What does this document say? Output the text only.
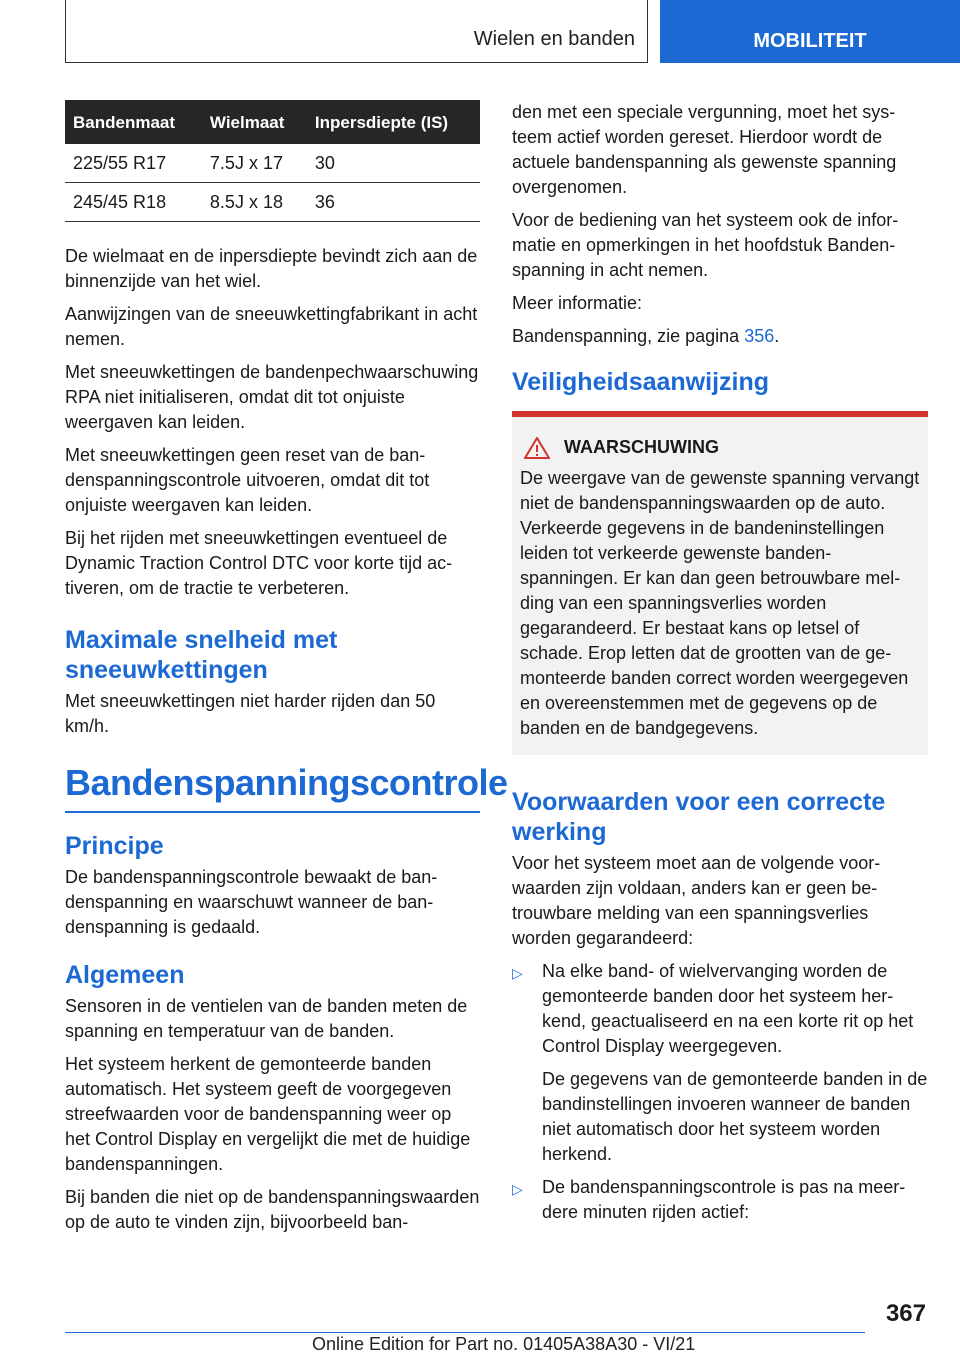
Wielen en banden	MOBILITEIT
Bandenmaat	Wielmaat	Inpersdiepte (IS)
225/55 R17	7.5J x 17	30
245/45 R18	8.5J x 18	36

De wielmaat en de inpersdiepte bevindt zich aan de binnenzijde van het wiel.

Aanwijzingen van de sneeuwkettingfabrikant in acht nemen.

Met sneeuwkettingen de bandenpechwaarschuwing RPA niet initialiseren, omdat dit tot onjuiste weergaven kan leiden.

Met sneeuwkettingen geen reset van de bandenspanningscontrole uitvoeren, omdat dit tot onjuiste weergaven kan leiden.

Bij het rijden met sneeuwkettingen eventueel de Dynamic Traction Control DTC voor korte tijd activeren, om de tractie te verbeteren.

Maximale snelheid met sneeuwkettingen

Met sneeuwkettingen niet harder rijden dan 50 km/h.

Bandenspanningscontrole
Principe

De bandenspanningscontrole bewaakt de bandenspanning en waarschuwt wanneer de bandenspanning is gedaald.

Algemeen

Sensoren in de ventielen van de banden meten de spanning en temperatuur van de banden.

Het systeem herkent de gemonteerde banden automatisch. Het systeem geeft de voorgegeven streefwaarden voor de bandenspanning weer op het Control Display en vergelijkt die met de huidige bandenspanningen.

Bij banden die niet op de bandenspanningswaarden op de auto te vinden zijn, bijvoorbeeld ban-

den met een speciale vergunning, moet het systeem actief worden gereset. Hierdoor wordt de actuele bandenspanning als gewenste spanning overgenomen.

Voor de bediening van het systeem ook de informatie en opmerkingen in het hoofdstuk Bandenspanning in acht nemen.

Meer informatie:

Bandenspanning, zie pagina 356.

Veiligheidsaanwijzing
WAARSCHUWING

De weergave van de gewenste spanning vervangt niet de bandenspanningswaarden op de auto. Verkeerde gegevens in de bandeninstellingen leiden tot verkeerde gewenste bandenspanningen. Er kan dan geen betrouwbare melding van een spanningsverlies worden gegarandeerd. Er bestaat kans op letsel of schade. Erop letten dat de grootten van de gemonteerde banden correct worden weergegeven en overeenstemmen met de gegevens op de banden en de bandgegevens.

Voorwaarden voor een correcte werking

Voor het systeem moet aan de volgende voorwaarden zijn voldaan, anders kan er geen betrouwbare melding van een spanningsverlies worden gegarandeerd:

▷ Na elke band- of wielvervanging worden de gemonteerde banden door het systeem herkend, geactualiseerd en na een korte rit op het Control Display weergegeven.

De gegevens van de gemonteerde banden in de bandinstellingen invoeren wanneer de banden niet automatisch door het systeem worden herkend.

▷ De bandenspanningscontrole is pas na meerdere minuten rijden actief:

367
Online Edition for Part no. 01405A38A30 - VI/21
